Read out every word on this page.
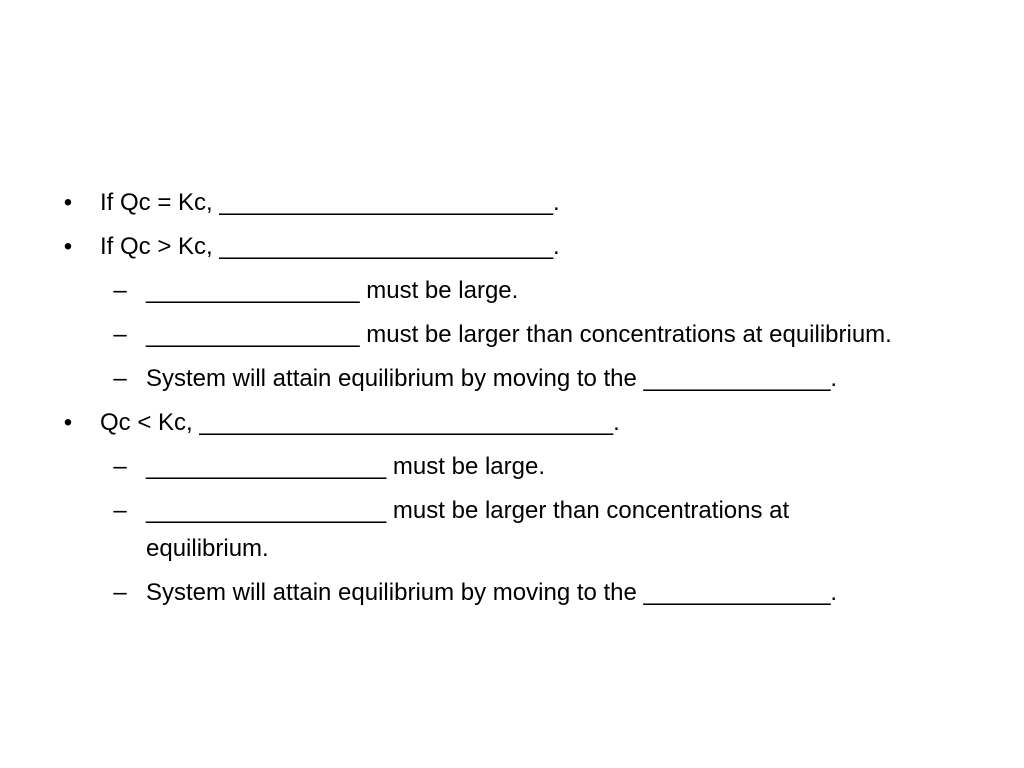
• If Qc = Kc, _________________________.
• If Qc > Kc, _________________________.
– ________________ must be large.
– ________________ must be larger than concentrations at equilibrium.
– System will attain equilibrium by moving to the ______________.
• Qc < Kc, _______________________________.
– __________________ must be large.
– __________________ must be larger than concentrations at equilibrium.
– System will attain equilibrium by moving to the ______________.
